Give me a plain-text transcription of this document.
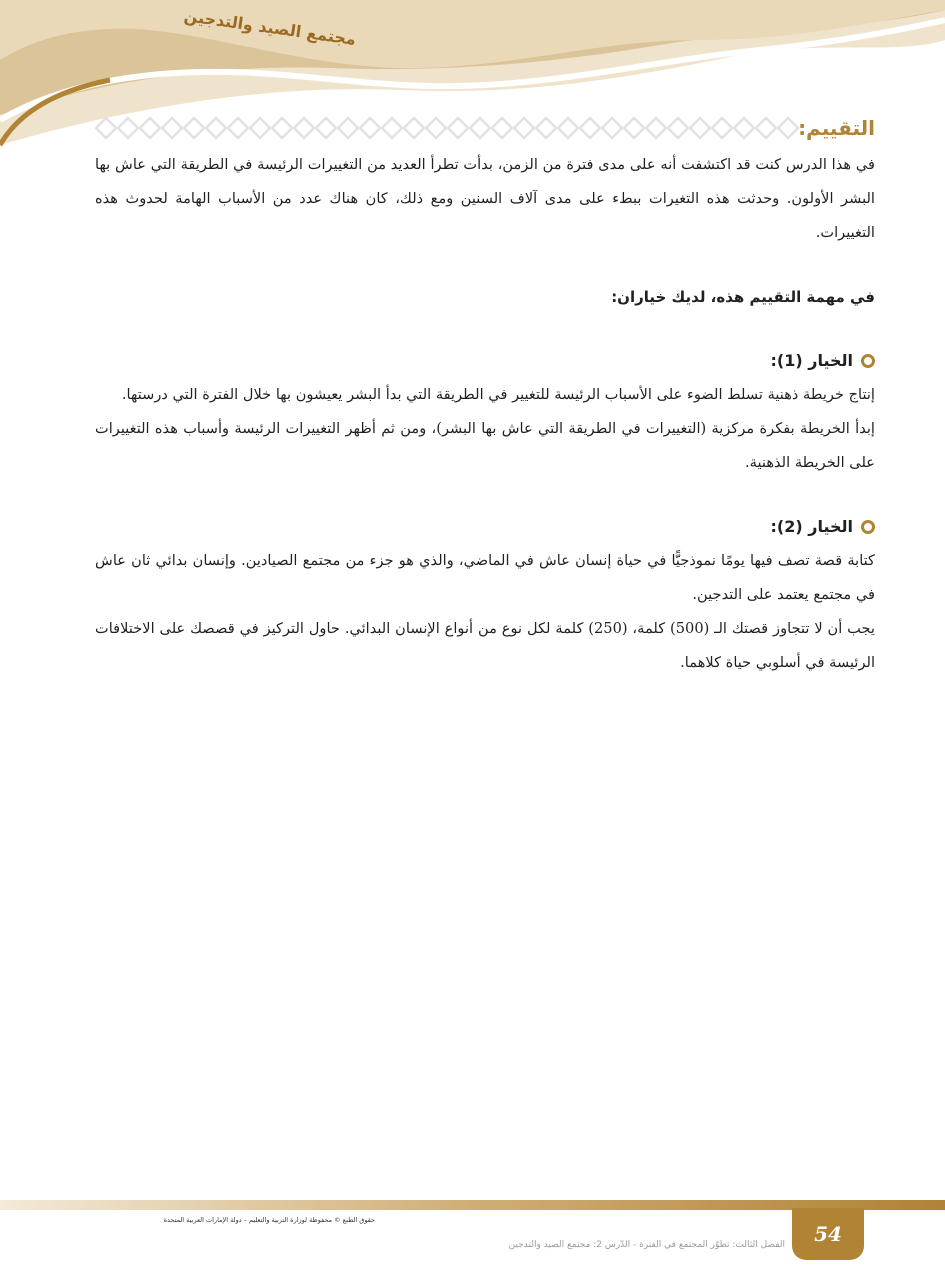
مجتمع الصيد والتدجين
التقييم:

في هذا الدرس كنت قد اكتشفت أنه على مدى فترة من الزمن، بدأت تطرأ العديد من التغييرات الرئيسة في الطريقة التي عاش بها البشر الأولون. وحدثت هذه التغيرات ببطء على مدى آلاف السنين ومع ذلك، كان هناك عدد من الأسباب الهامة لحدوث هذه التغييرات.

في مهمة التقييم هذه، لديك خياران:

الخيار (1):

إنتاج خريطة ذهنية تسلط الضوء على الأسباب الرئيسة للتغيير في الطريقة التي بدأ البشر يعيشون بها خلال الفترة التي درستها.

إبدأ الخريطة بفكرة مركزية (التغييرات في الطريقة التي عاش بها البشر)، ومن ثم أظهر التغييرات الرئيسة وأسباب هذه التغييرات على الخريطة الذهنية.

الخيار (2):

كتابة قصة تصف فيها يومًا نموذجيًّا في حياة إنسان عاش في الماضي، والذي هو جزء من مجتمع الصيادين. وإنسان بدائي ثان عاش في مجتمع يعتمد على التدجين.

يجب أن لا تتجاوز قصتك الـ (500) كلمة، (250) كلمة لكل نوع من أنواع الإنسان البدائي. حاول التركيز في قصصك على الاختلافات الرئيسة في أسلوبي حياة كلاهما.

حقوق الطبع © محفوظة لوزارة التربية والتعليم – دولة الإمارات العربية المتحدة
الفصل الثالث: تطوّر المجتمع في الفترة - الدّرس 2: مجتمع الصيد والتدجين 54
